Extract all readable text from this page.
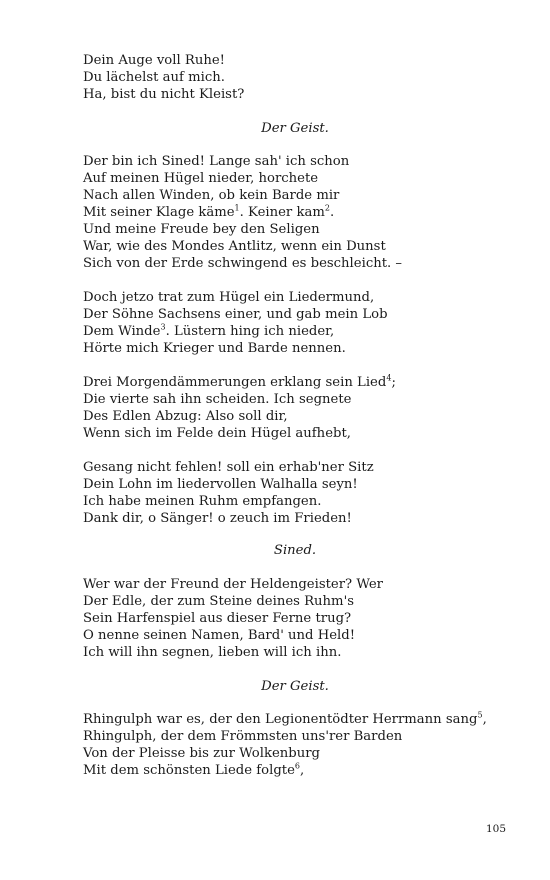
Dein Auge voll Ruhe!
Du lächelst auf mich.
Ha, bist du nicht Kleist?
Der Geist.
Der bin ich Sined! Lange sah' ich schon
Auf meinen Hügel nieder, horchete
Nach allen Winden, ob kein Barde mir
Mit seiner Klage käme$^1$. Keiner kam$^2$.
Und meine Freude bey den Seligen
War, wie des Mondes Antlitz, wenn ein Dunst
Sich von der Erde schwingend es beschleicht. –
Doch jetzo trat zum Hügel ein Liedermund,
Der Söhne Sachsens einer, und gab mein Lob
Dem Winde$^3$. Lüstern hing ich nieder,
Hörte mich Krieger und Barde nennen.
Drei Morgendämmerungen erklang sein Lied$^4$;
Die vierte sah ihn scheiden. Ich segnete
Des Edlen Abzug: Also soll dir,
Wenn sich im Felde dein Hügel aufhebt,
Gesang nicht fehlen! soll ein erhab'ner Sitz
Dein Lohn im liedervollen Walhalla seyn!
Ich habe meinen Ruhm empfangen.
Dank dir, o Sänger! o zeuch im Frieden!
Sined.
Wer war der Freund der Heldengeister? Wer
Der Edle, der zum Steine deines Ruhm's
Sein Harfenspiel aus dieser Ferne trug?
O nenne seinen Namen, Bard' und Held!
Ich will ihn segnen, lieben will ich ihn.
Der Geist.
Rhingulph war es, der den Legionentödter Herrmann sang$^5$,
Rhingulph, der dem Frömmsten uns'rer Barden
Von der Pleisse bis zur Wolkenburg
Mit dem schönsten Liede folgte$^6$,
105
